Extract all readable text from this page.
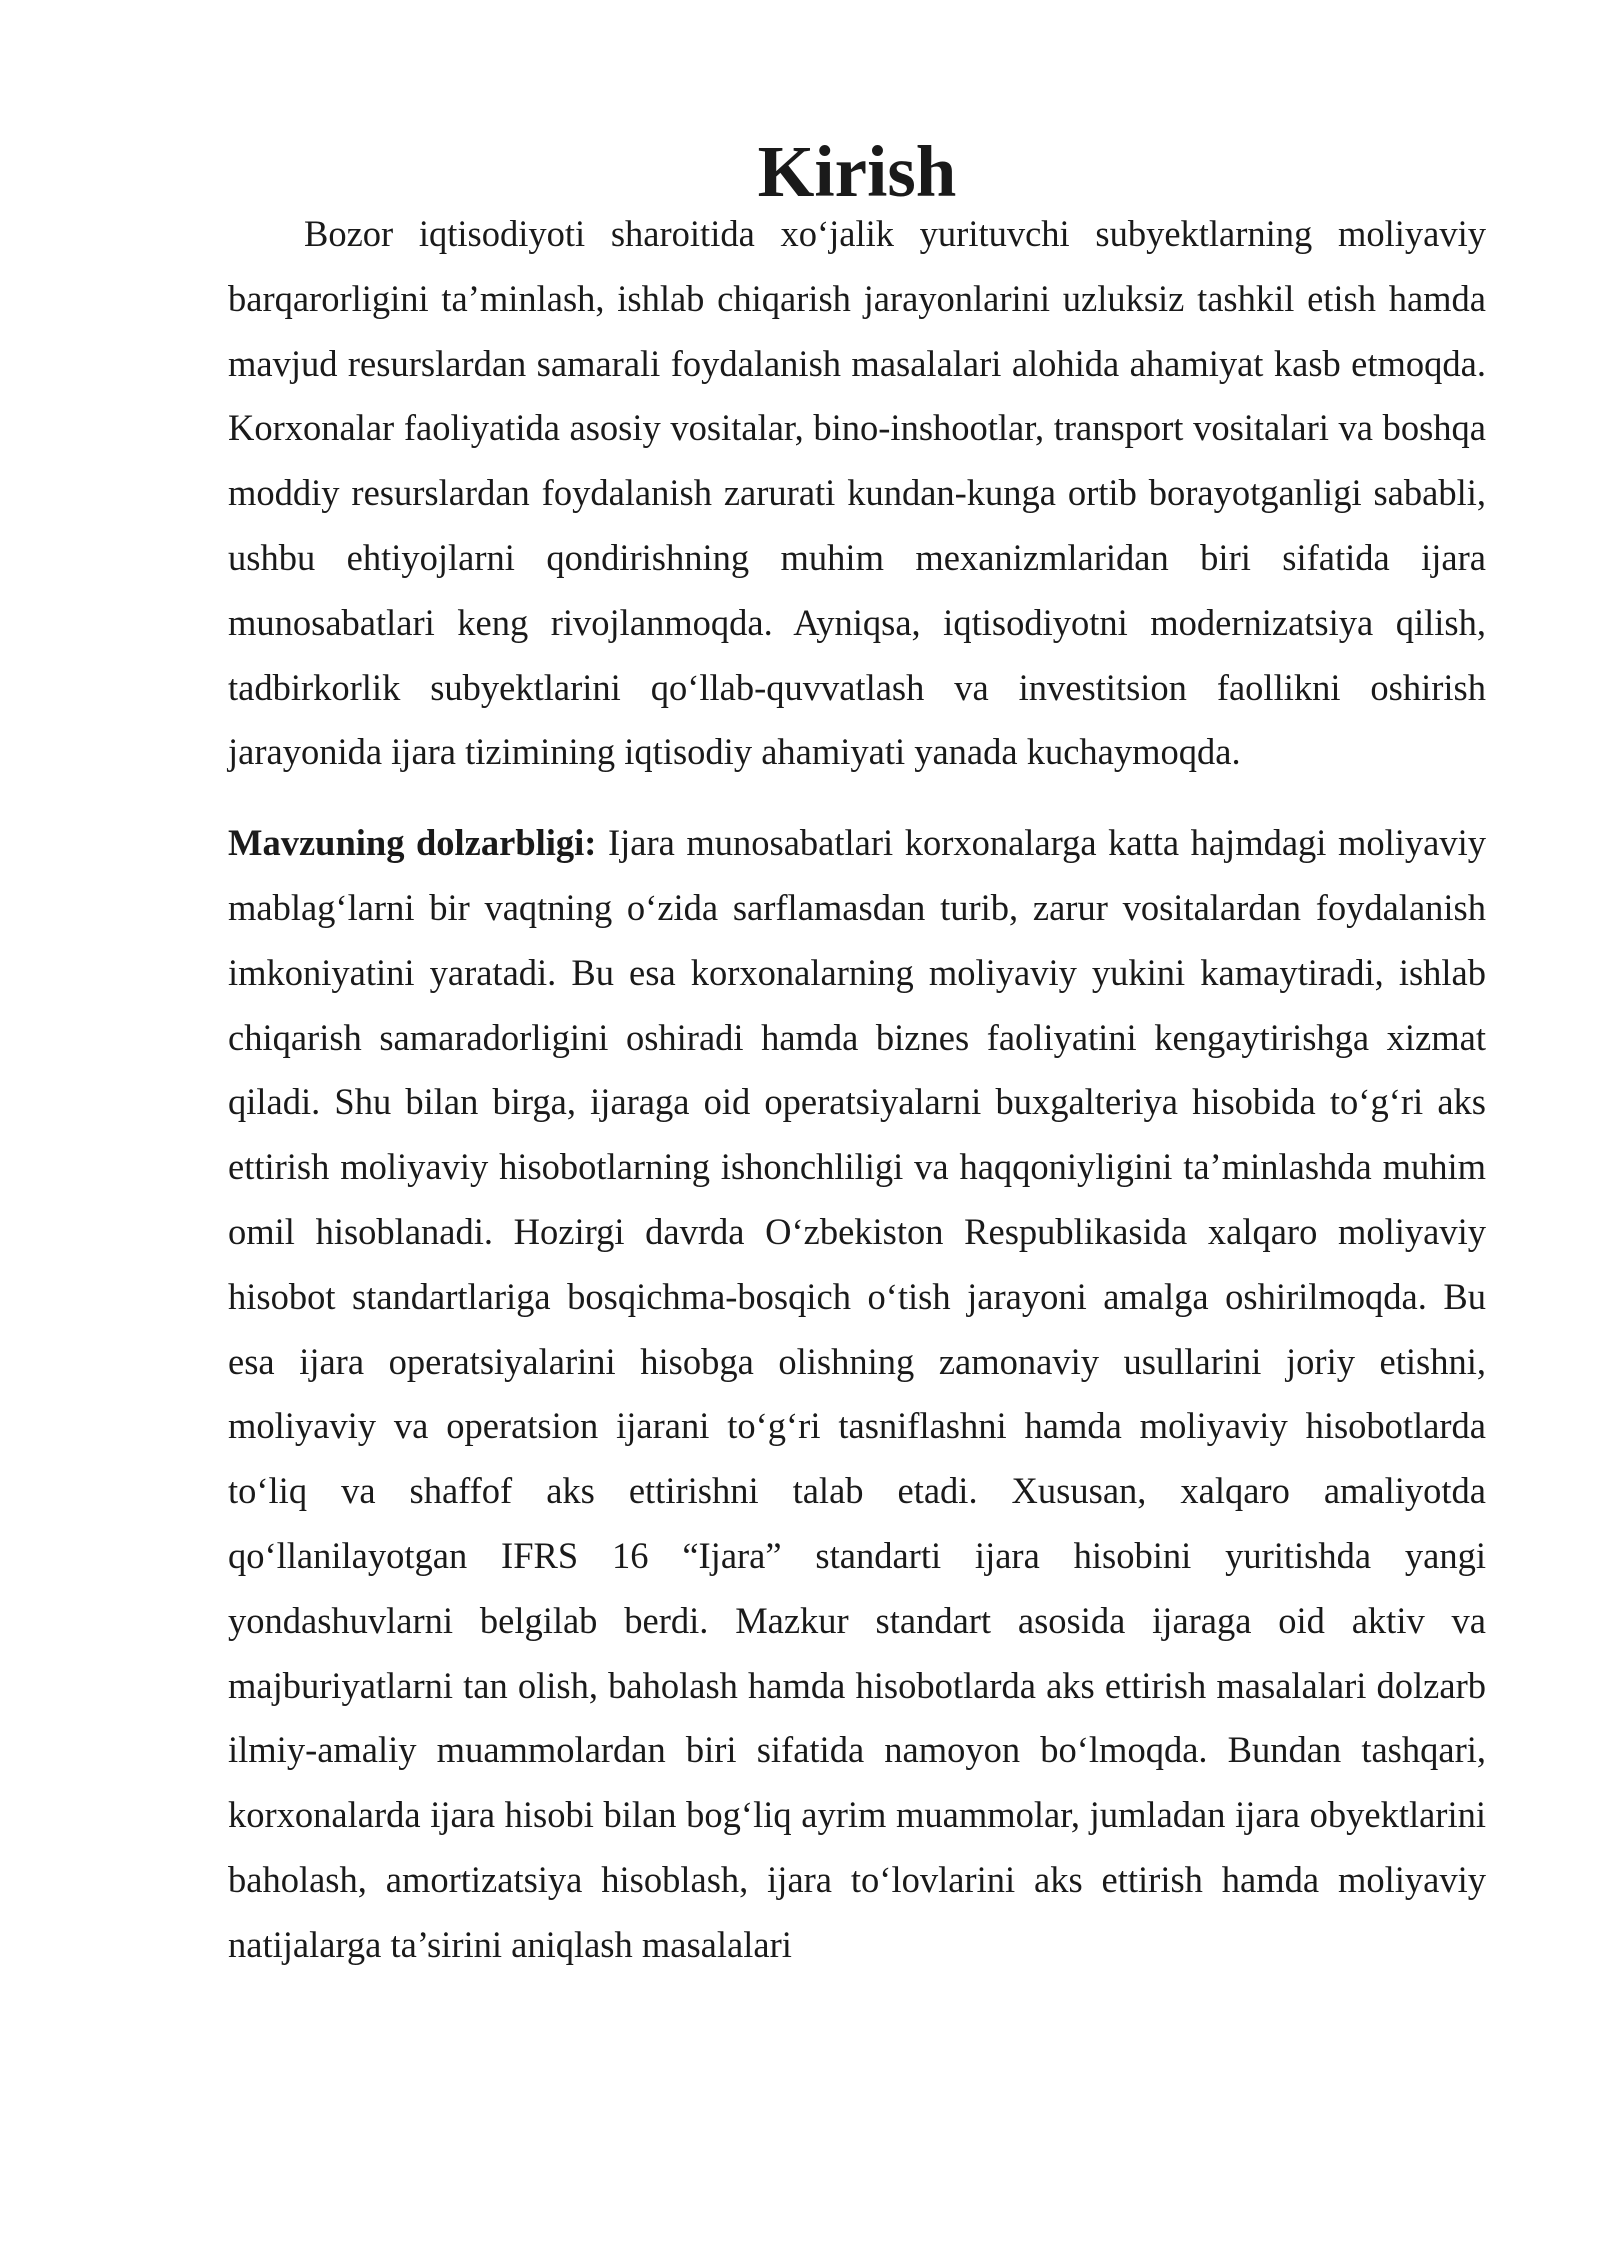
Kirish

Bozor iqtisodiyoti sharoitida xo‘jalik yurituvchi subyektlarning moliyaviy barqarorligini ta’minlash, ishlab chiqarish jarayonlarini uzluksiz tashkil etish hamda mavjud resurslardan samarali foydalanish masalalari alohida ahamiyat kasb etmoqda. Korxonalar faoliyatida asosiy vositalar, bino-inshootlar, transport vositalari va boshqa moddiy resurslardan foydalanish zarurati kundan-kunga ortib borayotganligi sababli, ushbu ehtiyojlarni qondirishning muhim mexanizmlaridan biri sifatida ijara munosabatlari keng rivojlanmoqda. Ayniqsa, iqtisodiyotni modernizatsiya qilish, tadbirkorlik subyektlarini qo‘llab-quvvatlash va investitsion faollikni oshirish jarayonida ijara tizimining iqtisodiy ahamiyati yanada kuchaymoqda.

Mavzuning dolzarbligi: Ijara munosabatlari korxonalarga katta hajmdagi moliyaviy mablag‘larni bir vaqtning o‘zida sarflamasdan turib, zarur vositalardan foydalanish imkoniyatini yaratadi. Bu esa korxonalarning moliyaviy yukini kamaytiradi, ishlab chiqarish samaradorligini oshiradi hamda biznes faoliyatini kengaytirishga xizmat qiladi. Shu bilan birga, ijaraga oid operatsiyalarni buxgalteriya hisobida to‘g‘ri aks ettirish moliyaviy hisobotlarning ishonchliligi va haqqoniyligini ta’minlashda muhim omil hisoblanadi. Hozirgi davrda O‘zbekiston Respublikasida xalqaro moliyaviy hisobot standartlariga bosqichma-bosqich o‘tish jarayoni amalga oshirilmoqda. Bu esa ijara operatsiyalarini hisobga olishning zamonaviy usullarini joriy etishni, moliyaviy va operatsion ijarani to‘g‘ri tasniflashni hamda moliyaviy hisobotlarda to‘liq va shaffof aks ettirishni talab etadi. Xususan, xalqaro amaliyotda qo‘llanilayotgan IFRS 16 “Ijara” standarti ijara hisobini yuritishda yangi yondashuvlarni belgilab berdi. Mazkur standart asosida ijaraga oid aktiv va majburiyatlarni tan olish, baholash hamda hisobotlarda aks ettirish masalalari dolzarb ilmiy-amaliy muammolardan biri sifatida namoyon bo‘lmoqda. Bundan tashqari, korxonalarda ijara hisobi bilan bog‘liq ayrim muammolar, jumladan ijara obyektlarini baholash, amortizatsiya hisoblash, ijara to‘lovlarini aks ettirish hamda moliyaviy natijalarga ta’sirini aniqlash masalalari
